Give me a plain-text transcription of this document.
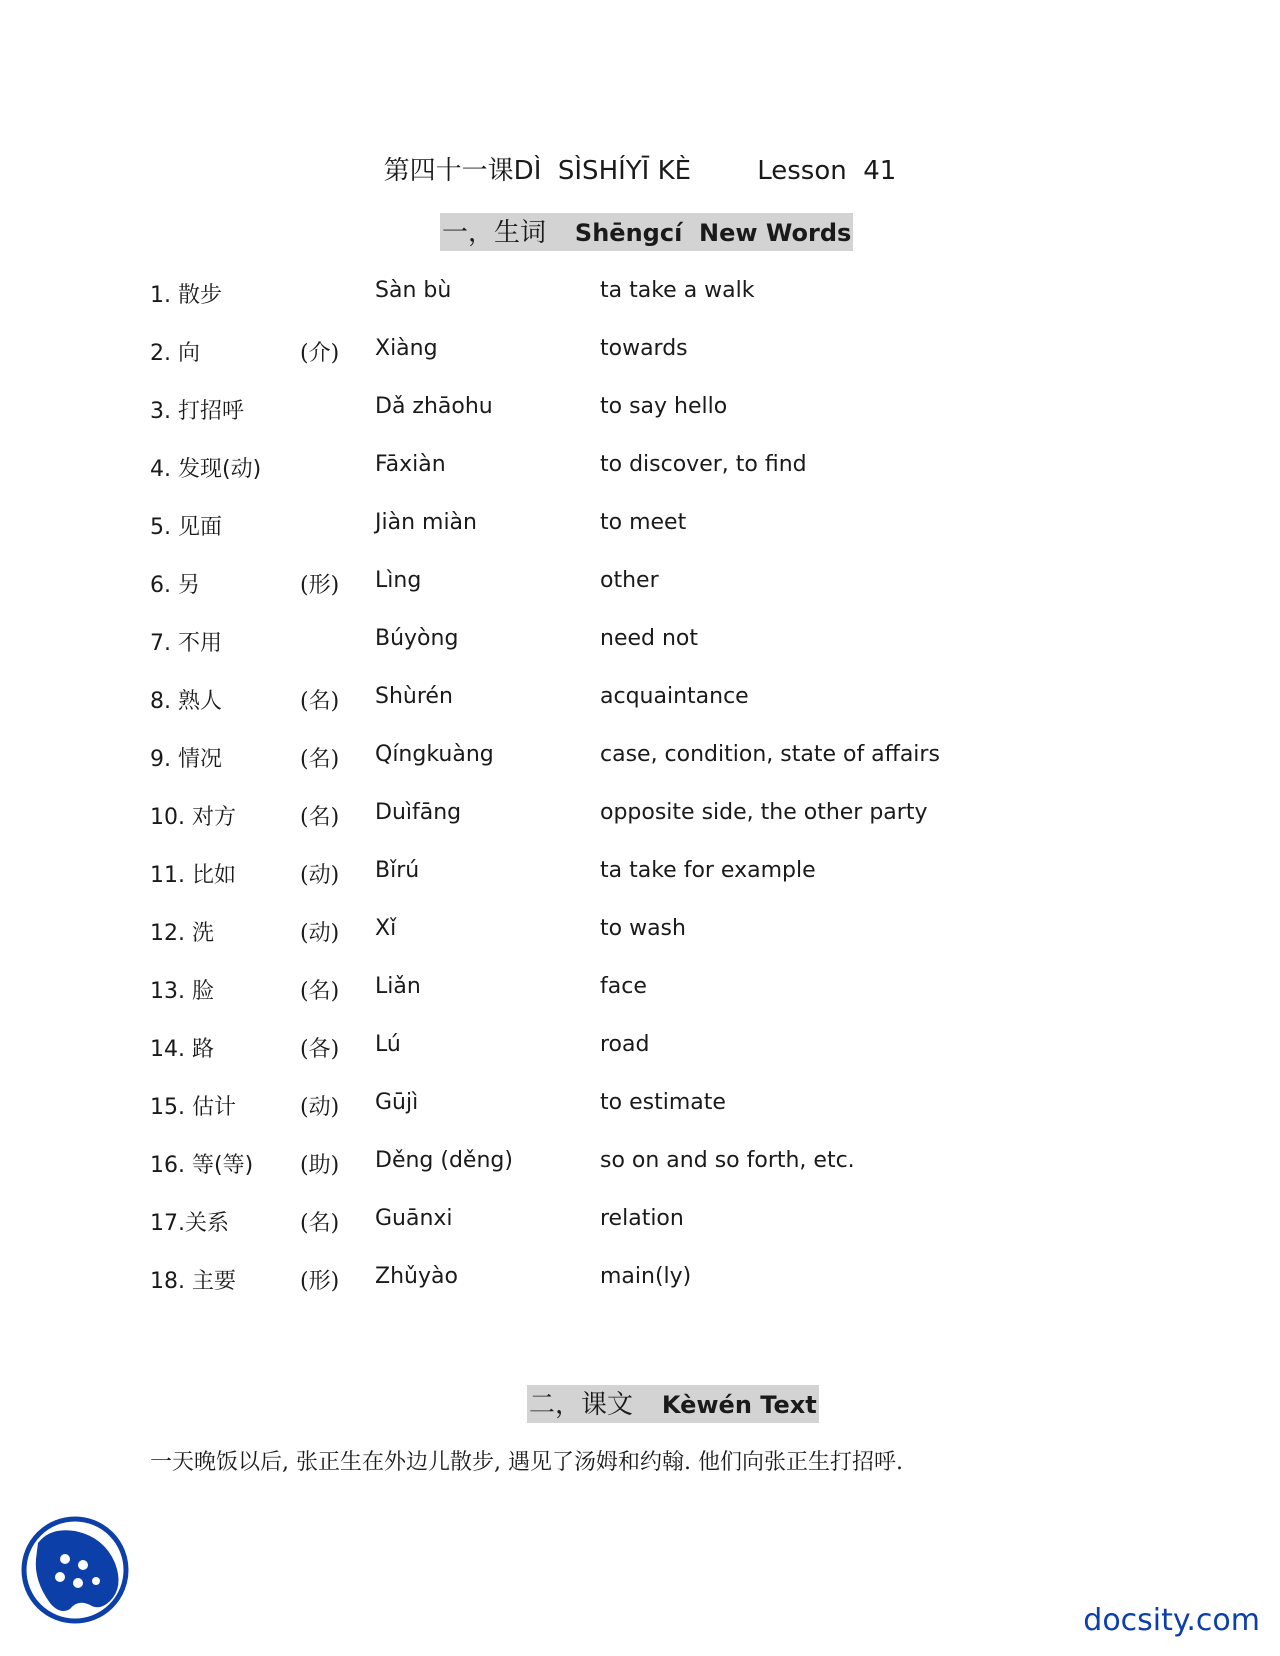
第四十一课DÌ  SÌSHÍYĪ KÈ	Lesson  41
一，生词 Shēngcí  New Words
1. 散步	Sàn bù	ta take a walk
2. 向	(介) Xiàng	towards
3. 打招呼	Dǎ zhāohu	to say hello
4. 发现(动)	Fāxiàn	to discover, to find
5. 见面	Jiàn miàn	to meet
6. 另	(形) Lìng	other
7. 不用	Búyòng	need not
8. 熟人	(名) Shùrén	acquaintance
9. 情况	(名) Qíngkuàng	case, condition, state of affairs
10. 对方	(名) Duìfāng	opposite side, the other party
11. 比如	(动) Bǐrú	ta take for example
12. 洗	(动) Xǐ	to wash
13. 脸	(名) Liǎn	face
14. 路	(各) Lú	road
15. 估计	(动) Gūjì	to estimate
16. 等(等) (助) Děng (děng)	so on and so forth, etc.
17.关系	(名) Guānxi	relation
18. 主要	(形) Zhǔyào	main(ly)
二，课文 Kèwén Text
一天晚饭以后, 张正生在外边儿散步, 遇见了汤姆和约翰. 他们向张正生打招呼.
docsity.com
